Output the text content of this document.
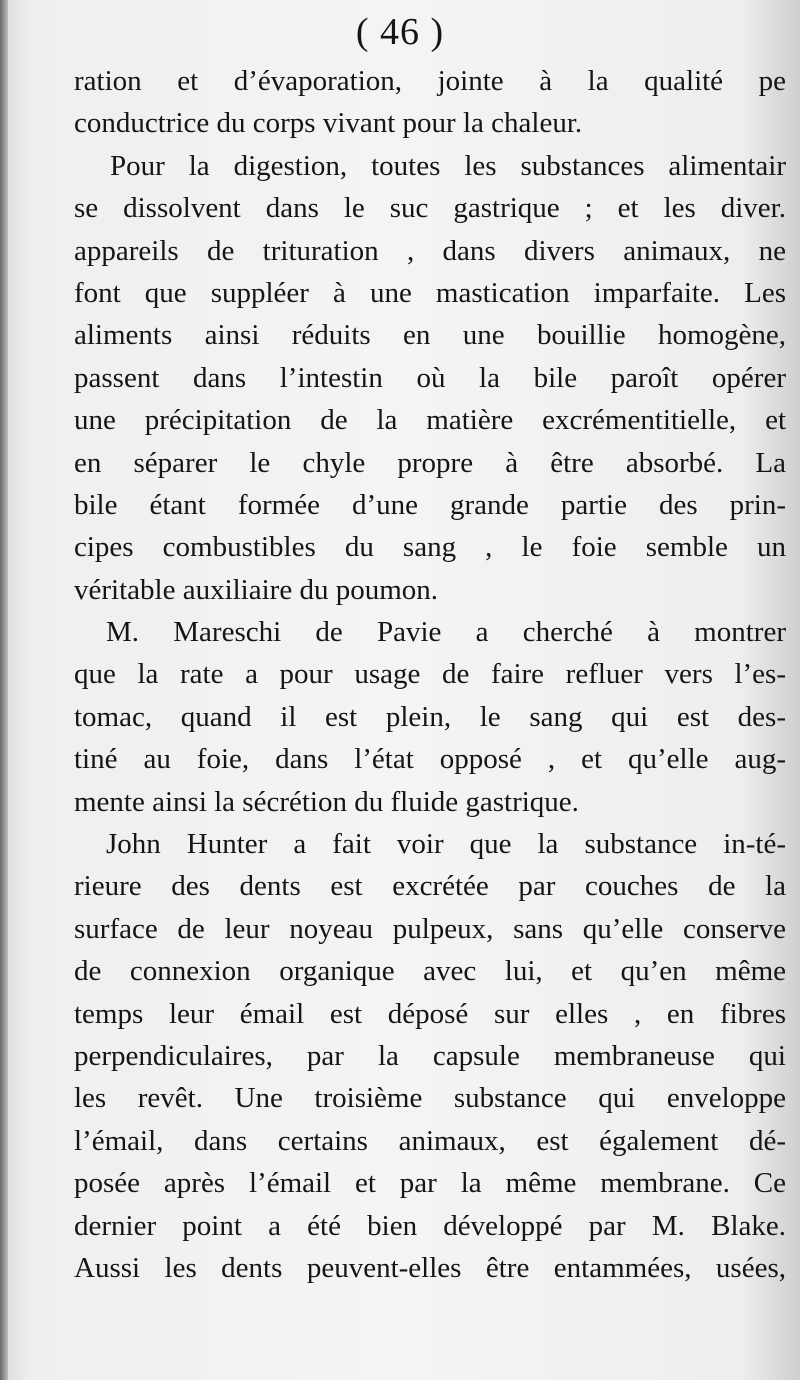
( 46 )
ration et d’évaporation, jointe à la qualité pe
conductrice du corps vivant pour la chaleur.
Pour la digestion, toutes les substances alimentair
se dissolvent dans le suc gastrique ; et les diver.
appareils de trituration , dans divers animaux, ne
font que suppléer à une mastication imparfaite. Les
aliments ainsi réduits en une bouillie homogène,
passent dans l’intestin où la bile paroît opérer
une précipitation de la matière excrémentitielle, et
en séparer le chyle propre à être absorbé. La
bile étant formée d’une grande partie des prin-
cipes combustibles du sang , le foie semble un
véritable auxiliaire du poumon.
M. Mareschi de Pavie a cherché à montrer
que la rate a pour usage de faire refluer vers l’es-
tomac, quand il est plein, le sang qui est des-
tiné au foie, dans l’état opposé , et qu’elle aug-
mente ainsi la sécrétion du fluide gastrique.
John Hunter a fait voir que la substance in-té-
rieure des dents est excrétée par couches de la
surface de leur noyeau pulpeux, sans qu’elle conserve
de connexion organique avec lui, et qu’en même
temps leur émail est déposé sur elles , en fibres
perpendiculaires, par la capsule membraneuse qui
les revêt. Une troisième substance qui enveloppe
l’émail, dans certains animaux, est également dé-
posée après l’émail et par la même membrane. Ce
dernier point a été bien développé par M. Blake.
Aussi les dents peuvent-elles être entammées, usées,
